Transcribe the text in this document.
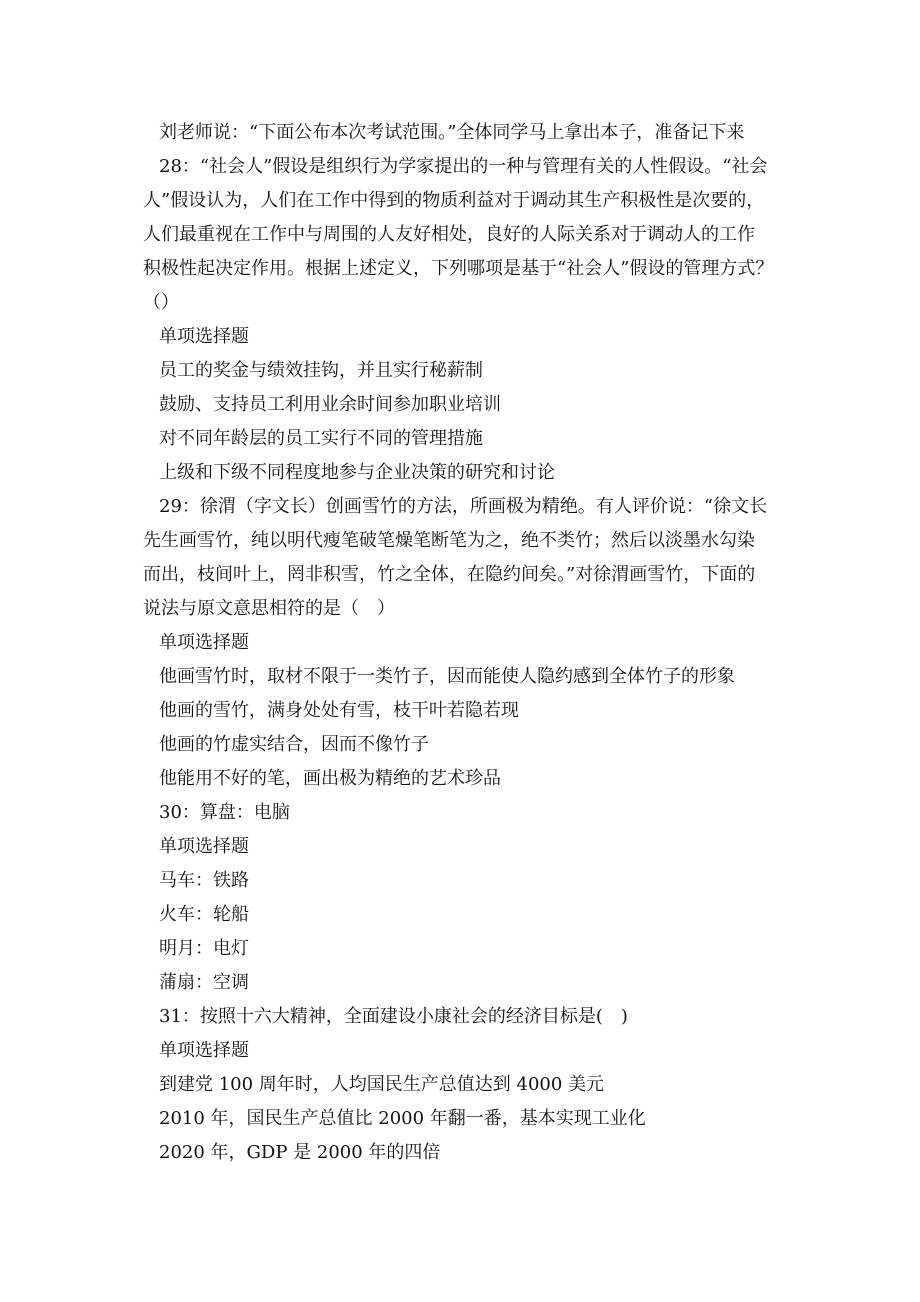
刘老师说：“下面公布本次考试范围。”全体同学马上拿出本子，准备记下来

28：“社会人”假设是组织行为学家提出的一种与管理有关的人性假设。“社会

人”假设认为，人们在工作中得到的物质利益对于调动其生产积极性是次要的，

人们最重视在工作中与周围的人友好相处，良好的人际关系对于调动人的工作

积极性起决定作用。根据上述定义，下列哪项是基于“社会人”假设的管理方式？

（）

单项选择题

员工的奖金与绩效挂钩，并且实行秘薪制

鼓励、支持员工利用业余时间参加职业培训

对不同年龄层的员工实行不同的管理措施

上级和下级不同程度地参与企业决策的研究和讨论

29：徐渭（字文长）创画雪竹的方法，所画极为精绝。有人评价说：“徐文长

先生画雪竹，纯以明代瘦笔破笔燥笔断笔为之，绝不类竹；然后以淡墨水勾染

而出，枝间叶上，罔非积雪，竹之全体，在隐约间矣。”对徐渭画雪竹，下面的

说法与原文意思相符的是（　）

单项选择题

他画雪竹时，取材不限于一类竹子，因而能使人隐约感到全体竹子的形象

他画的雪竹，满身处处有雪，枝干叶若隐若现

他画的竹虚实结合，因而不像竹子

他能用不好的笔，画出极为精绝的艺术珍品

30：算盘：电脑

单项选择题

马车：铁路

火车：轮船

明月：电灯

蒲扇：空调

31：按照十六大精神，全面建设小康社会的经济目标是(　)

单项选择题

到建党 100 周年时，人均国民生产总值达到 4000 美元

2010 年，国民生产总值比 2000 年翻一番，基本实现工业化

2020 年，GDP 是 2000 年的四倍
